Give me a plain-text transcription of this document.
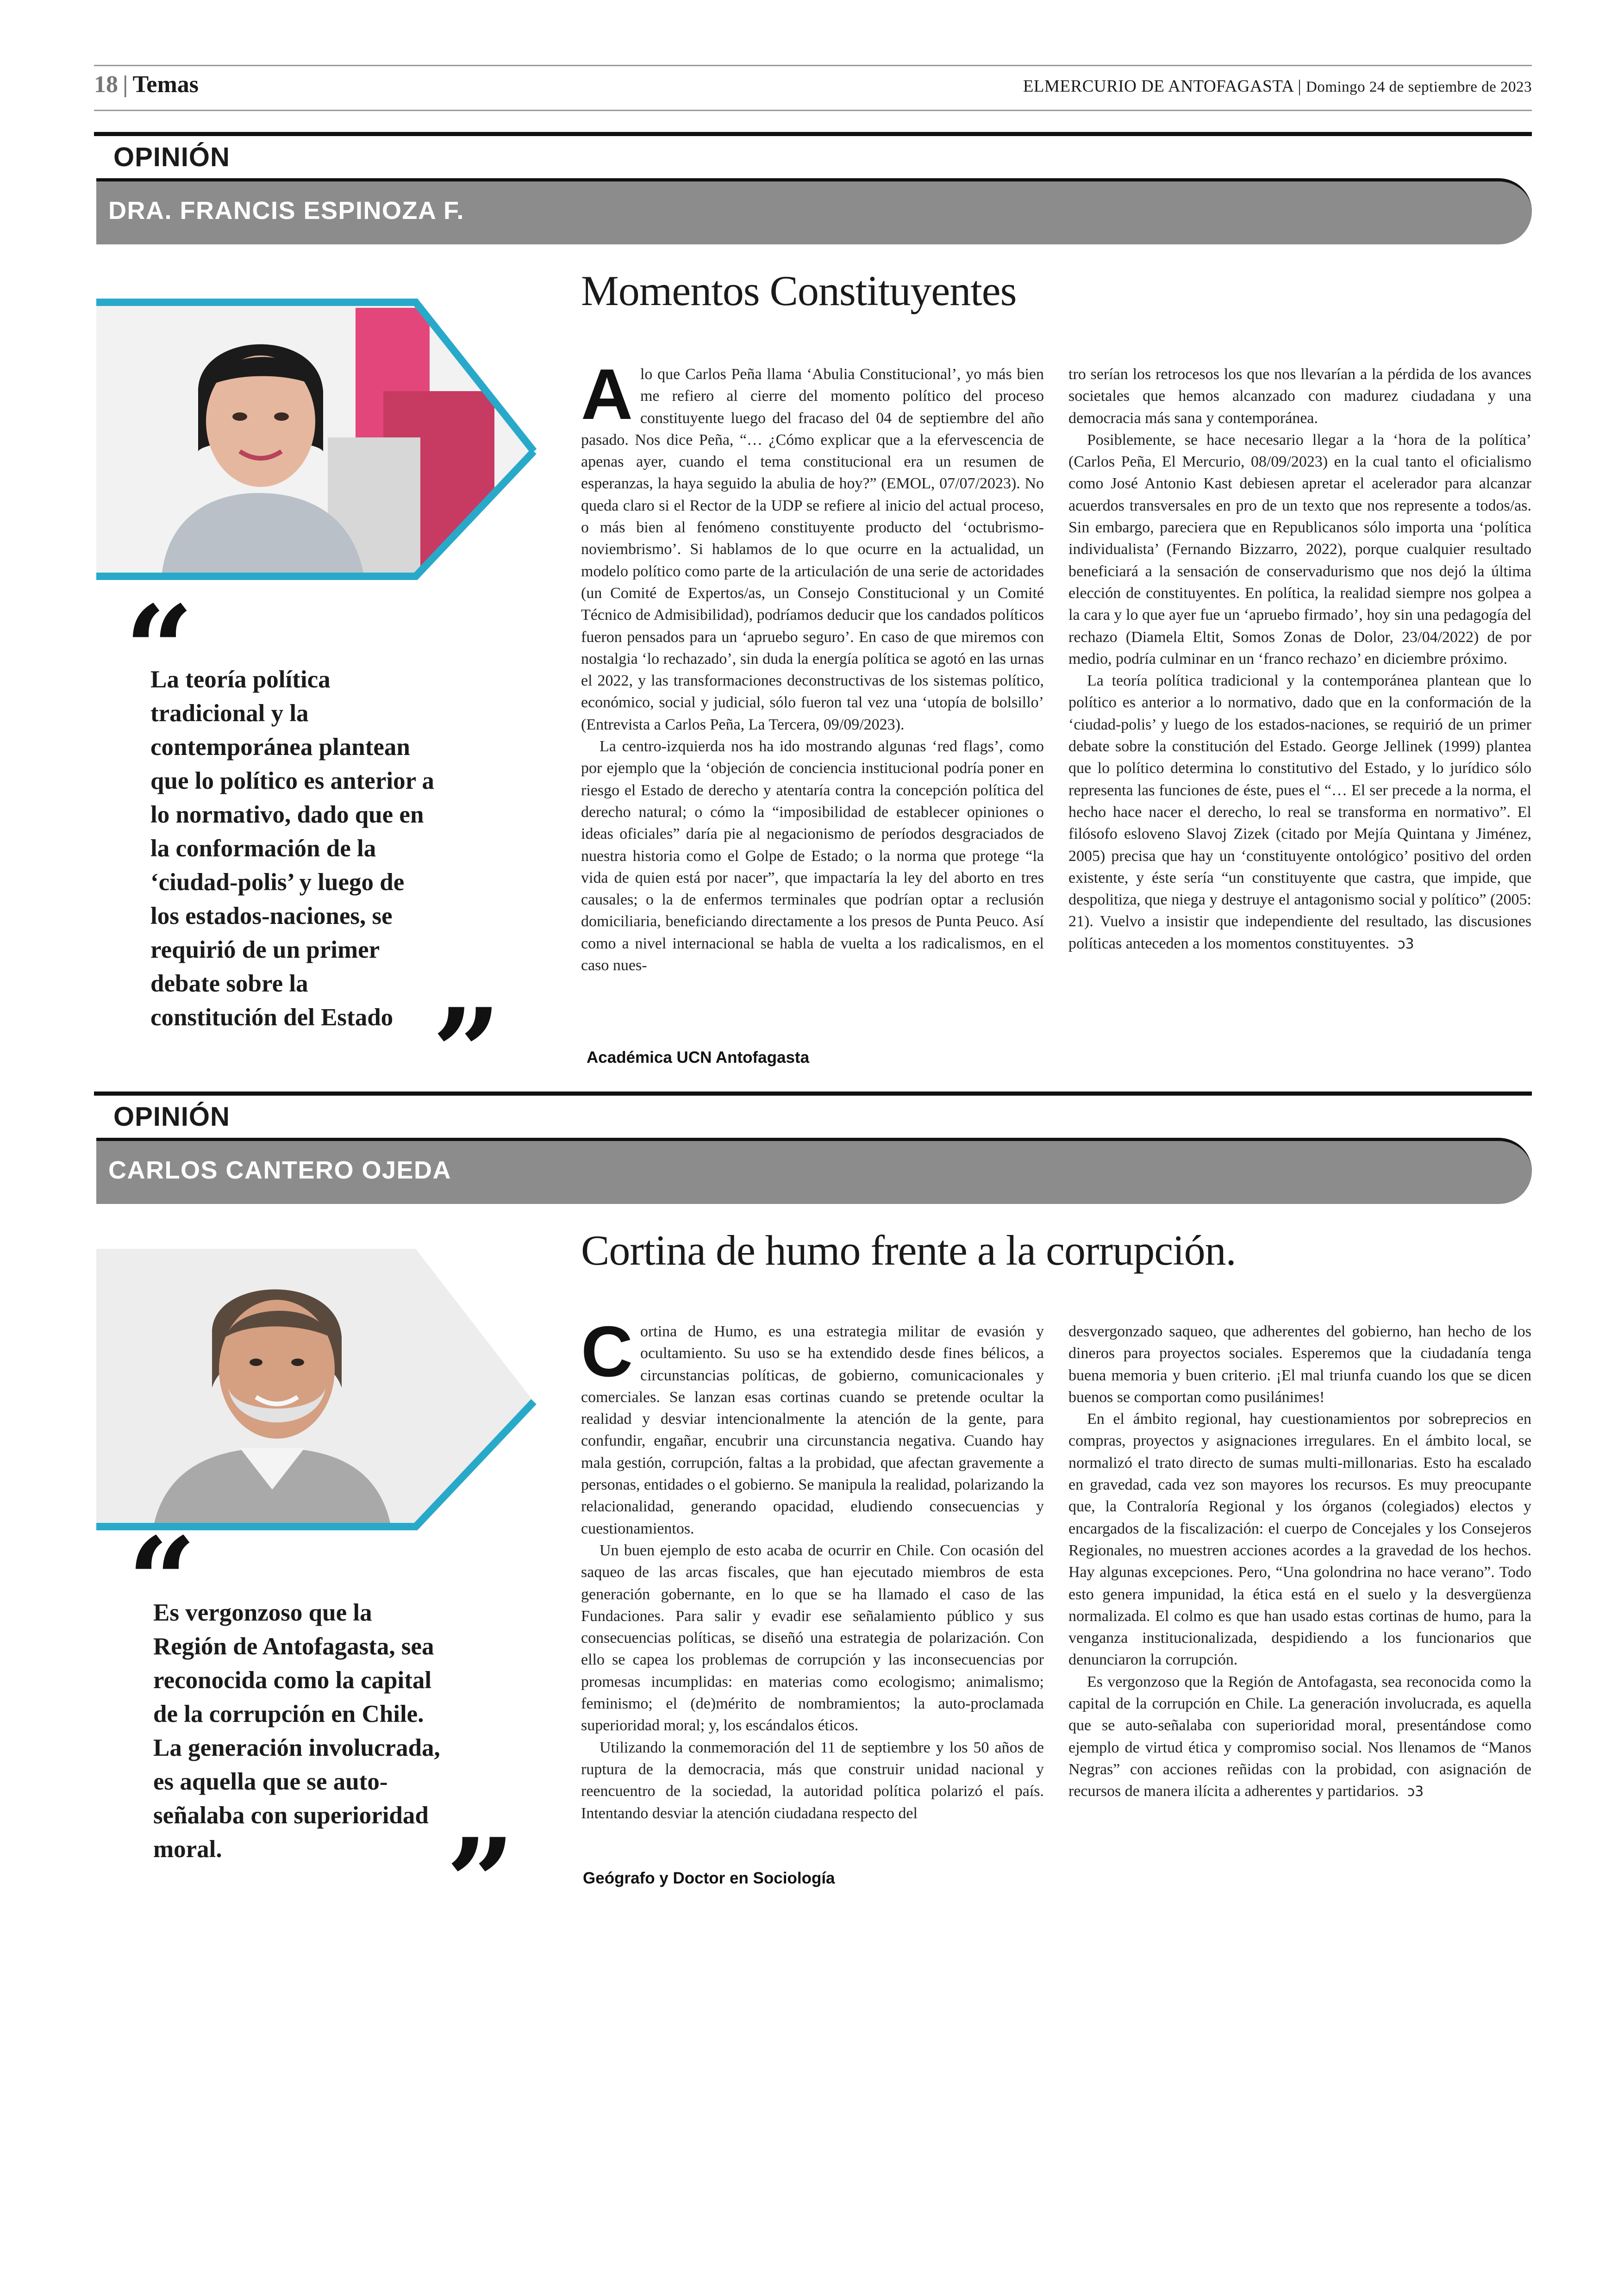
18 | Temas	ELMERCURIO DE ANTOFAGASTA | Domingo 24 de septiembre de 2023
OPINIÓN
DRA. FRANCIS ESPINOZA F.
“
La teoría política tradicional y la contemporánea plantean que lo político es anterior a lo normativo, dado que en la conformación de la ‘ciudad-polis’ y luego de los estados-naciones, se requirió de un primer debate sobre la constitución del Estado ”
Momentos Constituyentes

Alo que Carlos Peña llama ‘Abulia Constitucional’, yo más bien me refiero al cierre del momento político del proceso constituyente luego del fracaso del 04 de septiembre del año pasado. Nos dice Peña, “… ¿Cómo explicar que a la efervescencia de apenas ayer, cuando el tema constitucional era un resumen de esperanzas, la haya seguido la abulia de hoy?” (EMOL, 07/07/2023). No queda claro si el Rector de la UDP se refiere al inicio del actual proceso, o más bien al fenómeno constituyente producto del ‘octubrismo-noviembrismo’. Si hablamos de lo que ocurre en la actualidad, un modelo político como parte de la articulación de una serie de actoridades (un Comité de Expertos/as, un Consejo Constitucional y un Comité Técnico de Admisibilidad), podríamos deducir que los candados políticos fueron pensados para un ‘apruebo seguro’. En caso de que miremos con nostalgia ‘lo rechazado’, sin duda la energía política se agotó en las urnas el 2022, y las transformaciones deconstructivas de los sistemas político, económico, social y judicial, sólo fueron tal vez una ‘utopía de bolsillo’ (Entrevista a Carlos Peña, La Tercera, 09/09/2023).

La centro-izquierda nos ha ido mostrando algunas ‘red flags’, como por ejemplo que la ‘objeción de conciencia institucional podría poner en riesgo el Estado de derecho y atentaría contra la concepción política del derecho natural; o cómo la “imposibilidad de establecer opiniones o ideas oficiales” daría pie al negacionismo de períodos desgraciados de nuestra historia como el Golpe de Estado; o la norma que protege “la vida de quien está por nacer”, que impactaría la ley del aborto en tres causales; o la de enfermos terminales que podrían optar a reclusión domiciliaria, beneficiando directamente a los presos de Punta Peuco. Así como a nivel internacional se habla de vuelta a los radicalismos, en el caso nues-

tro serían los retrocesos los que nos llevarían a la pérdida de los avances societales que hemos alcanzado con madurez ciudadana y una democracia más sana y contemporánea.

Posiblemente, se hace necesario llegar a la ‘hora de la política’ (Carlos Peña, El Mercurio, 08/09/2023) en la cual tanto el oficialismo como José Antonio Kast debiesen apretar el acelerador para alcanzar acuerdos transversales en pro de un texto que nos represente a todos/as. Sin embargo, pareciera que en Republicanos sólo importa una ‘política individualista’ (Fernando Bizzarro, 2022), porque cualquier resultado beneficiará a la sensación de conservadurismo que nos dejó la última elección de constituyentes. En política, la realidad siempre nos golpea a la cara y lo que ayer fue un ‘apruebo firmado’, hoy sin una pedagogía del rechazo (Diamela Eltit, Somos Zonas de Dolor, 23/04/2022) de por medio, podría culminar en un ‘franco rechazo’ en diciembre próximo.

La teoría política tradicional y la contemporánea plantean que lo político es anterior a lo normativo, dado que en la conformación de la ‘ciudad-polis’ y luego de los estados-naciones, se requirió de un primer debate sobre la constitución del Estado. George Jellinek (1999) plantea que lo político determina lo constitutivo del Estado, y lo jurídico sólo representa las funciones de éste, pues el “… El ser precede a la norma, el hecho hace nacer el derecho, lo real se transforma en normativo”. El filósofo esloveno Slavoj Zizek (citado por Mejía Quintana y Jiménez, 2005) precisa que hay un ‘constituyente ontológico’ positivo del orden existente, y éste sería “un constituyente que castra, que impide, que despolitiza, que niega y destruye el antagonismo social y político” (2005: 21). Vuelvo a insistir que independiente del resultado, las discusiones políticas anteceden a los momentos constituyentes. ↄ3

Académica UCN Antofagasta
OPINIÓN
CARLOS CANTERO OJEDA
“
Es vergonzoso que la Región de Antofagasta, sea reconocida como la capital de la corrupción en Chile. La generación involucrada, es aquella que se auto-señalaba con superioridad moral.	”
Cortina de humo frente a la corrupción.

Cortina de Humo, es una estrategia militar de evasión y ocultamiento. Su uso se ha extendido desde fines bélicos, a circunstancias políticas, de gobierno, comunicacionales y comerciales. Se lanzan esas cortinas cuando se pretende ocultar la realidad y desviar intencionalmente la atención de la gente, para confundir, engañar, encubrir una circunstancia negativa. Cuando hay mala gestión, corrupción, faltas a la probidad, que afectan gravemente a personas, entidades o el gobierno. Se manipula la realidad, polarizando la relacionalidad, generando opacidad, eludiendo consecuencias y cuestionamientos.

Un buen ejemplo de esto acaba de ocurrir en Chile. Con ocasión del saqueo de las arcas fiscales, que han ejecutado miembros de esta generación gobernante, en lo que se ha llamado el caso de las Fundaciones. Para salir y evadir ese señalamiento público y sus consecuencias políticas, se diseñó una estrategia de polarización. Con ello se capea los problemas de corrupción y las inconsecuencias por promesas incumplidas: en materias como ecologismo; animalismo; feminismo; el (de)mérito de nombramientos; la auto-proclamada superioridad moral; y, los escándalos éticos.

Utilizando la conmemoración del 11 de septiembre y los 50 años de ruptura de la democracia, más que construir unidad nacional y reencuentro de la sociedad, la autoridad política polarizó el país. Intentando desviar la atención ciudadana respecto del

desvergonzado saqueo, que adherentes del gobierno, han hecho de los dineros para proyectos sociales. Esperemos que la ciudadanía tenga buena memoria y buen criterio. ¡El mal triunfa cuando los que se dicen buenos se comportan como pusilánimes!

En el ámbito regional, hay cuestionamientos por sobreprecios en compras, proyectos y asignaciones irregulares. En el ámbito local, se normalizó el trato directo de sumas multi-millonarias. Esto ha escalado en gravedad, cada vez son mayores los recursos. Es muy preocupante que, la Contraloría Regional y los órganos (colegiados) electos y encargados de la fiscalización: el cuerpo de Concejales y los Consejeros Regionales, no muestren acciones acordes a la gravedad de los hechos. Hay algunas excepciones. Pero, “Una golondrina no hace verano”. Todo esto genera impunidad, la ética está en el suelo y la desvergüenza normalizada. El colmo es que han usado estas cortinas de humo, para la venganza institucionalizada, despidiendo a los funcionarios que denunciaron la corrupción.

Es vergonzoso que la Región de Antofagasta, sea reconocida como la capital de la corrupción en Chile. La generación involucrada, es aquella que se auto-señalaba con superioridad moral, presentándose como ejemplo de virtud ética y compromiso social. Nos llenamos de “Manos Negras” con acciones reñidas con la probidad, con asignación de recursos de manera ilícita a adherentes y partidarios. ↄ3

Geógrafo y Doctor en Sociología
